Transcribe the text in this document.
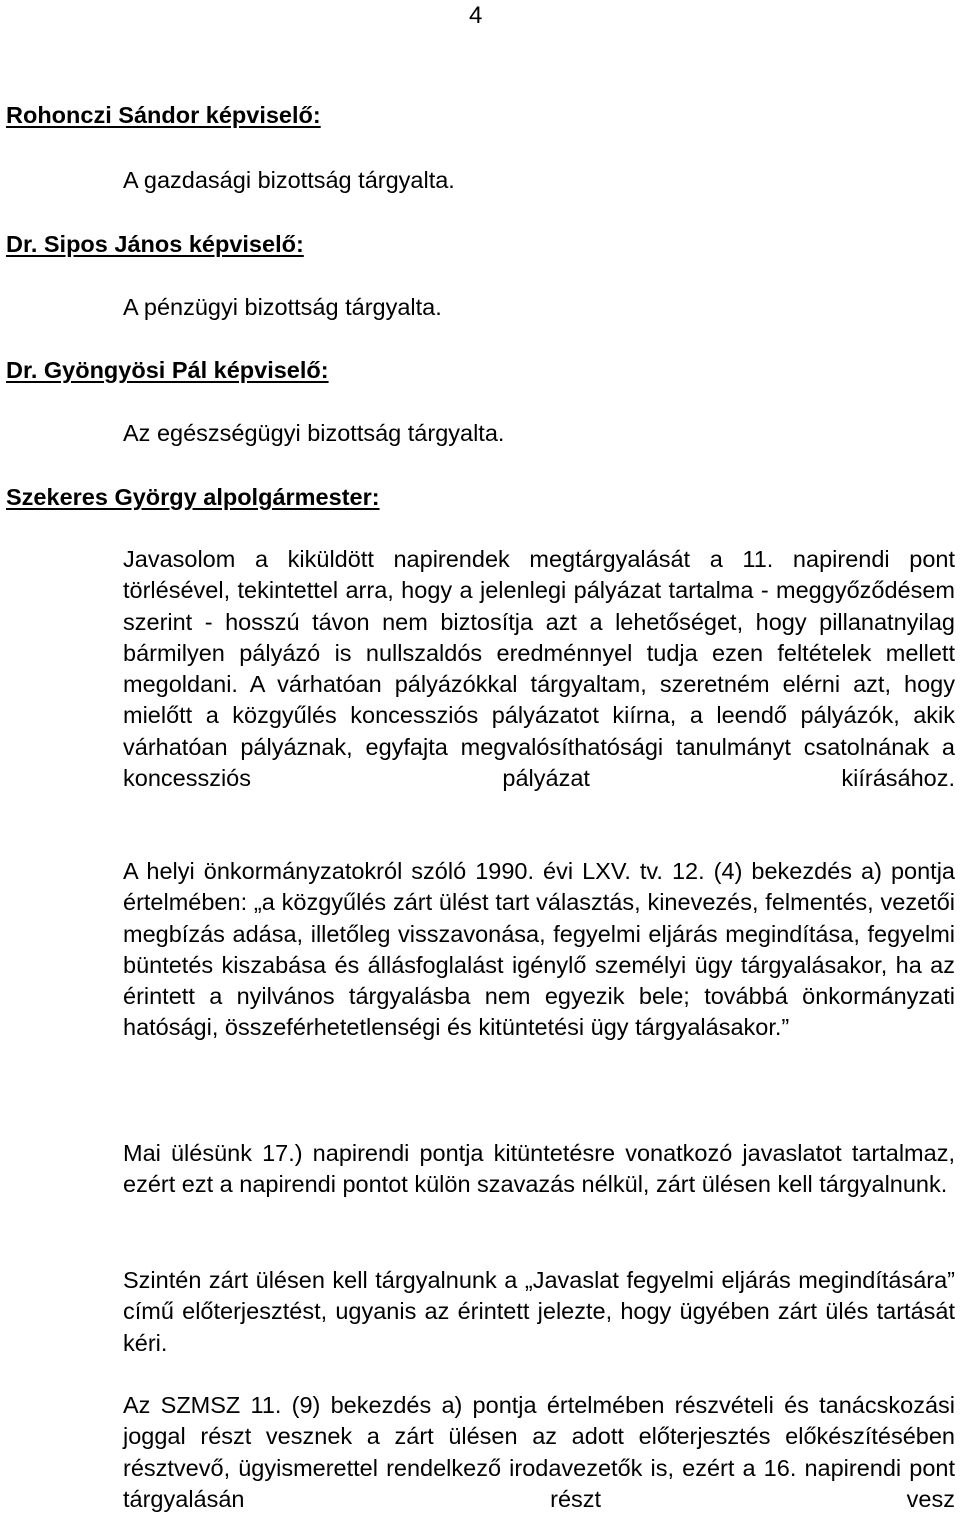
4
Rohonczi Sándor képviselő:
A gazdasági bizottság tárgyalta.
Dr. Sipos János képviselő:
A pénzügyi bizottság tárgyalta.
Dr. Gyöngyösi Pál képviselő:
Az egészségügyi bizottság tárgyalta.
Szekeres György alpolgármester:

Javasolom a kiküldött napirendek megtárgyalását a 11. napirendi pont törlésével, tekintettel arra, hogy a jelenlegi pályázat tartalma - meggyőződésem szerint - hosszú távon nem biztosítja azt a lehetőséget, hogy pillanatnyilag bármilyen pályázó is nullszaldós eredménnyel tudja ezen feltételek mellett megoldani. A várhatóan pályázókkal tárgyaltam, szeretném elérni azt, hogy mielőtt a közgyűlés koncessziós pályázatot kiírna, a leendő pályázók, akik várhatóan pályáznak, egyfajta megvalósíthatósági tanulmányt csatolnának a koncessziós pályázat kiírásához.

A helyi önkormányzatokról szóló 1990. évi LXV. tv. 12. (4) bekezdés a) pontja értelmében: „a közgyűlés zárt ülést tart választás, kinevezés, felmentés, vezetői megbízás adása, illetőleg visszavonása, fegyelmi eljárás megindítása, fegyelmi büntetés kiszabása és állásfoglalást igénylő személyi ügy tárgyalásakor, ha az érintett a nyilvános tárgyalásba nem egyezik bele; továbbá önkormányzati hatósági, összeférhetetlenségi és kitüntetési ügy tárgyalásakor.”

Mai ülésünk 17.) napirendi pontja kitüntetésre vonatkozó javaslatot tartalmaz, ezért ezt a napirendi pontot külön szavazás nélkül, zárt ülésen kell tárgyalnunk.

Szintén zárt ülésen kell tárgyalnunk a „Javaslat fegyelmi eljárás megindítására” című előterjesztést, ugyanis az érintett jelezte, hogy ügyében zárt ülés tartását kéri.

Az SZMSZ 11. (9) bekezdés a) pontja értelmében részvételi és tanácskozási joggal részt vesznek a zárt ülésen az adott előterjesztés előkészítésében résztvevő, ügyismerettel rendelkező irodavezetők is, ezért a 16. napirendi pont tárgyalásán részt vesz
